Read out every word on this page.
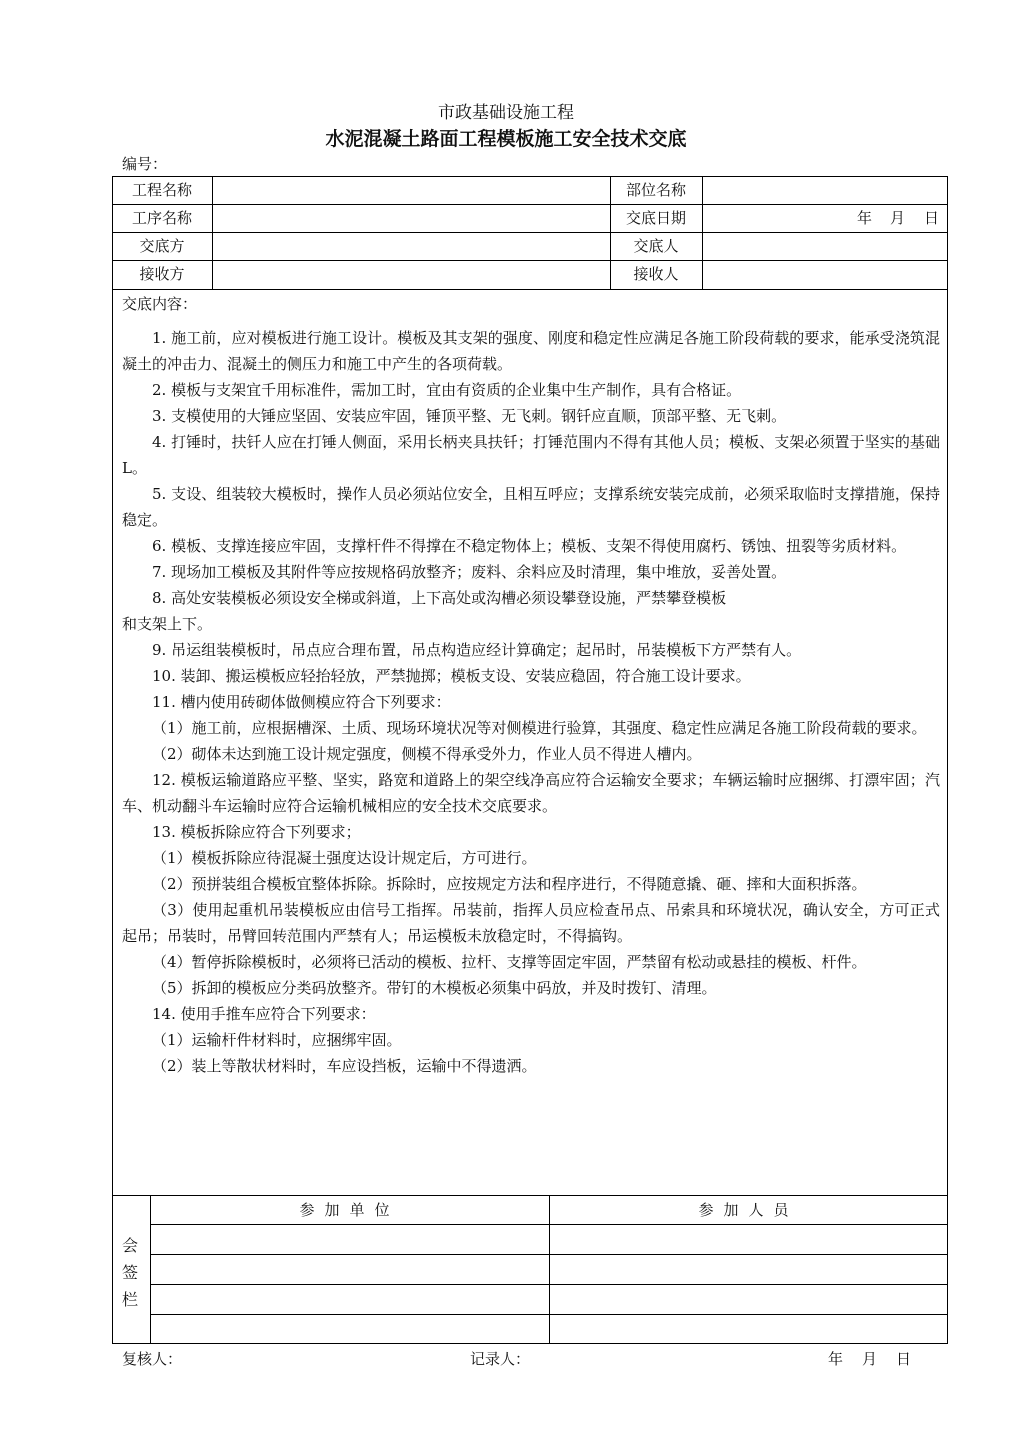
市政基础设施工程
水泥混凝土路面工程模板施工安全技术交底
编号：
工程名称	部位名称
工序名称	交底日期	年 月 日
交底方	交底人
接收方	接收人
交底内容：

1. 施工前，应对模板进行施工设计。模板及其支架的强度、刚度和稳定性应满足各施工阶段荷载的要求，能承受浇筑混凝土的冲击力、混凝土的侧压力和施工中产生的各项荷载。

2. 模板与支架宜千用标准件，需加工时，宜由有资质的企业集中生产制作，具有合格证。

3. 支模使用的大锤应坚固、安装应牢固，锤顶平整、无飞刺。钢钎应直顺，顶部平整、无飞刺。

4. 打锤时，扶钎人应在打锤人侧面，采用长柄夹具扶钎；打锤范围内不得有其他人员；模板、支架必须置于坚实的基础L。

5. 支设、组装较大模板时，操作人员必须站位安全，且相互呼应；支撑系统安装完成前，必须采取临时支撑措施，保持稳定。

6. 模板、支撑连接应牢固，支撑杆件不得撑在不稳定物体上；模板、支架不得使用腐朽、锈蚀、扭裂等劣质材料。

7. 现场加工模板及其附件等应按规格码放整齐；废料、余料应及时清理，集中堆放，妥善处置。

8. 高处安装模板必须设安全梯或斜道，上下高处或沟槽必须设攀登设施，严禁攀登模板

和支架上下。

9. 吊运组装模板时，吊点应合理布置，吊点构造应经计算确定；起吊时，吊装模板下方严禁有人。

10. 装卸、搬运模板应轻抬轻放，严禁抛掷；模板支设、安装应稳固，符合施工设计要求。

11. 槽内使用砖砌体做侧模应符合下列要求：

（1）施工前，应根据槽深、土质、现场环境状况等对侧模进行验算，其强度、稳定性应满足各施工阶段荷载的要求。

（2）砌体未达到施工设计规定强度，侧模不得承受外力，作业人员不得进人槽内。

12. 模板运输道路应平整、坚实，路宽和道路上的架空线净高应符合运输安全要求；车辆运输时应捆绑、打漂牢固；汽车、机动翻斗车运输时应符合运输机械相应的安全技术交底要求。

13. 模板拆除应符合下列要求；

（1）模板拆除应待混凝土强度达设计规定后，方可进行。

（2）预拼装组合模板宜整体拆除。拆除时，应按规定方法和程序进行，不得随意撬、砸、摔和大面积拆落。

（3）使用起重机吊装模板应由信号工指挥。吊装前，指挥人员应检查吊点、吊索具和环境状况，确认安全，方可正式起吊；吊装时，吊臂回转范围内严禁有人；吊运模板未放稳定时，不得搞钩。

（4）暂停拆除模板时，必须将已活动的模板、拉杆、支撑等固定牢固，严禁留有松动或悬挂的模板、杆件。

（5）拆卸的模板应分类码放整齐。带钉的木模板必须集中码放，并及时拨钉、清理。

14. 使用手推车应符合下列要求：

（1）运输杆件材料时，应捆绑牢固。

（2）装上等散状材料时，车应设挡板，运输中不得遗洒。

会签栏
参加单位	参加人员
复核人：	记录人：	年 月 日
